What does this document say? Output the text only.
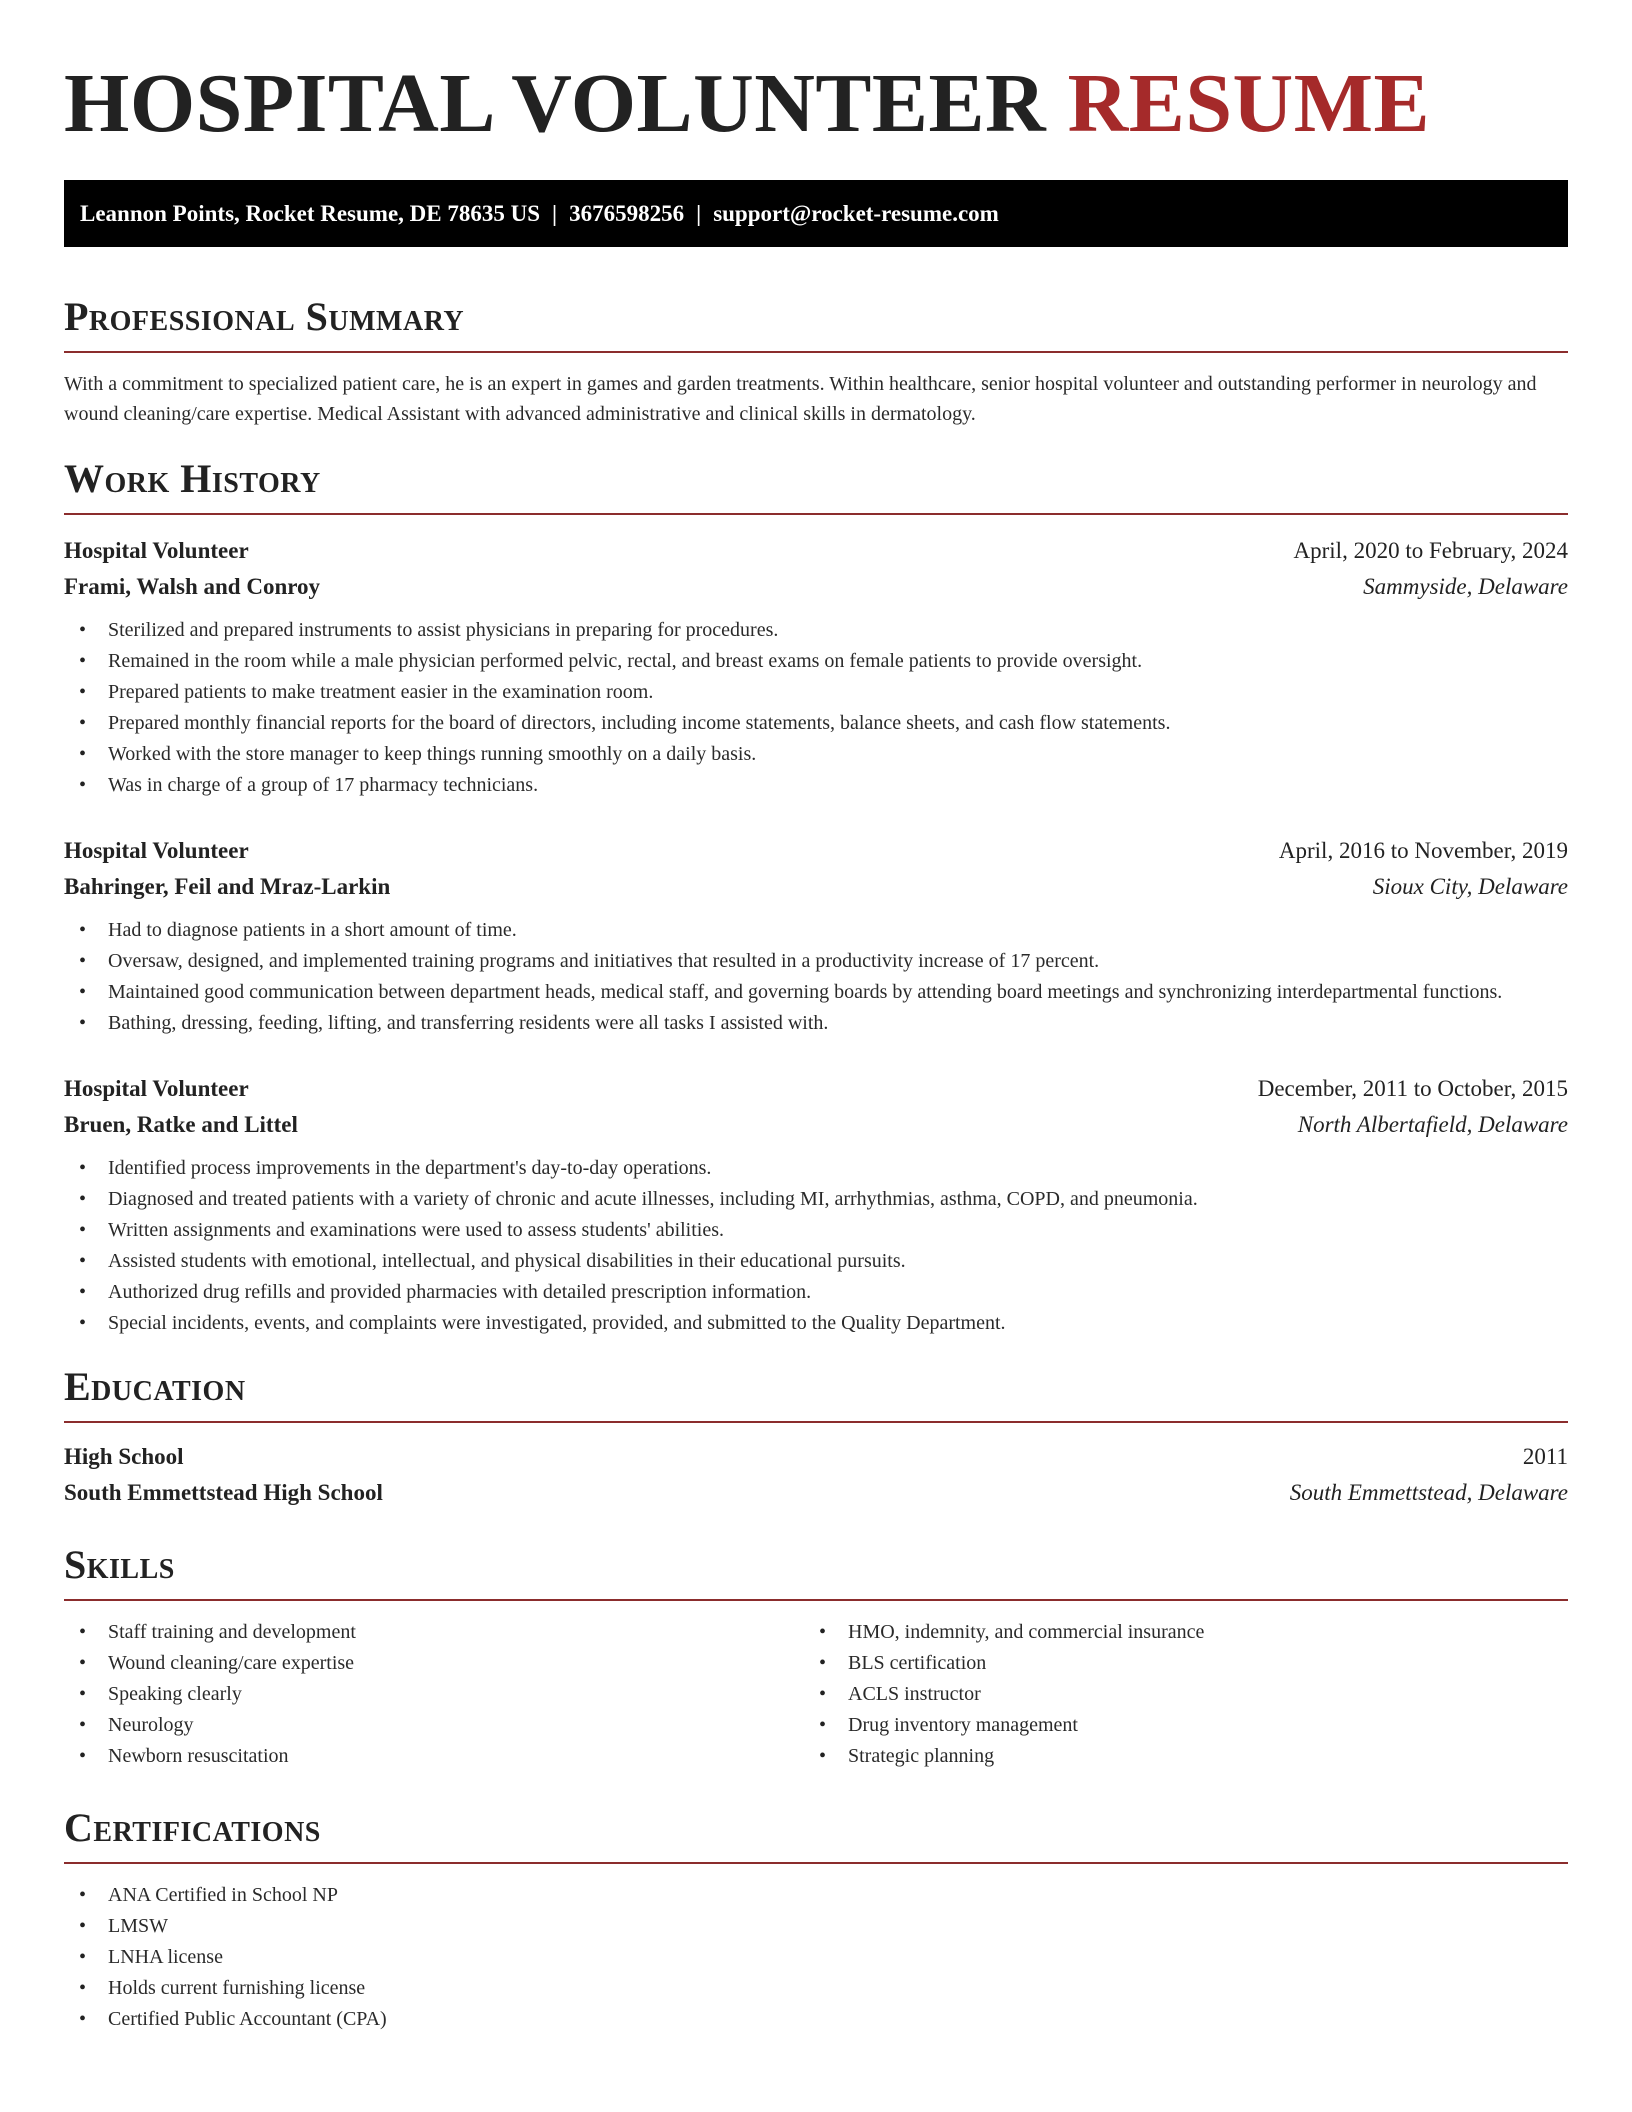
HOSPITAL VOLUNTEER RESUME
Leannon Points, Rocket Resume, DE 78635 US | 3676598256 | support@rocket-resume.com
Professional Summary

With a commitment to specialized patient care, he is an expert in games and garden treatments. Within healthcare, senior hospital volunteer and outstanding performer in neurology and wound cleaning/care expertise. Medical Assistant with advanced administrative and clinical skills in dermatology.

Work History
Hospital Volunteer	April, 2020 to February, 2024
Frami, Walsh and Conroy	Sammyside, Delaware
• Sterilized and prepared instruments to assist physicians in preparing for procedures.
• Remained in the room while a male physician performed pelvic, rectal, and breast exams on female patients to provide oversight.
• Prepared patients to make treatment easier in the examination room.
• Prepared monthly financial reports for the board of directors, including income statements, balance sheets, and cash flow statements.
• Worked with the store manager to keep things running smoothly on a daily basis.
• Was in charge of a group of 17 pharmacy technicians.
Hospital Volunteer	April, 2016 to November, 2019
Bahringer, Feil and Mraz-Larkin	Sioux City, Delaware
• Had to diagnose patients in a short amount of time.
• Oversaw, designed, and implemented training programs and initiatives that resulted in a productivity increase of 17 percent.
• Maintained good communication between department heads, medical staff, and governing boards by attending board meetings and synchronizing interdepartmental functions.
• Bathing, dressing, feeding, lifting, and transferring residents were all tasks I assisted with.
Hospital Volunteer	December, 2011 to October, 2015
Bruen, Ratke and Littel	North Albertafield, Delaware
• Identified process improvements in the department's day-to-day operations.
• Diagnosed and treated patients with a variety of chronic and acute illnesses, including MI, arrhythmias, asthma, COPD, and pneumonia.
• Written assignments and examinations were used to assess students' abilities.
• Assisted students with emotional, intellectual, and physical disabilities in their educational pursuits.
• Authorized drug refills and provided pharmacies with detailed prescription information.
• Special incidents, events, and complaints were investigated, provided, and submitted to the Quality Department.
Education
High School	2011
South Emmettstead High School	South Emmettstead, Delaware
Skills
• Staff training and development
• Wound cleaning/care expertise
• Speaking clearly
• Neurology
• Newborn resuscitation
• HMO, indemnity, and commercial insurance
• BLS certification
• ACLS instructor
• Drug inventory management
• Strategic planning
Certifications
• ANA Certified in School NP
• LMSW
• LNHA license
• Holds current furnishing license
• Certified Public Accountant (CPA)
